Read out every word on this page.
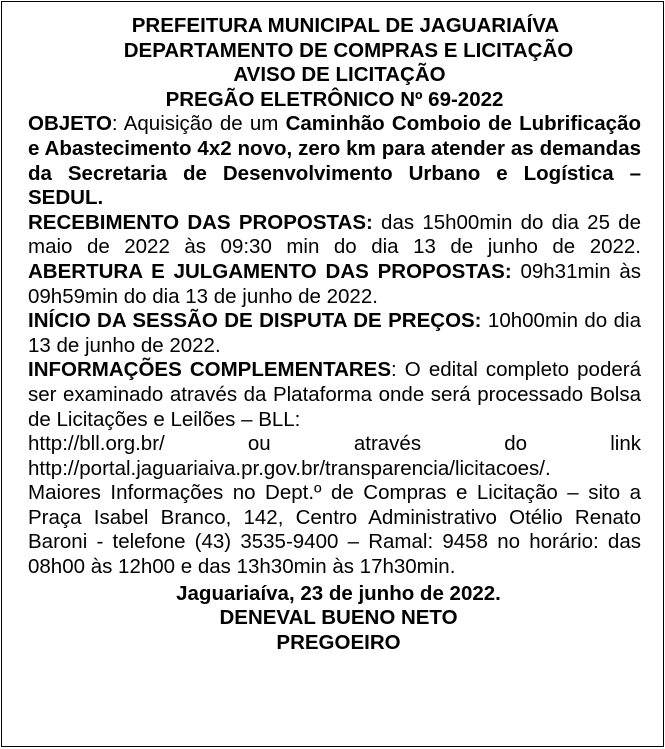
PREFEITURA MUNICIPAL DE JAGUARIAÍVA

DEPARTAMENTO DE COMPRAS E LICITAÇÃO

AVISO DE LICITAÇÃO

PREGÃO ELETRÔNICO Nº 69-2022

OBJETO: Aquisição de um Caminhão Comboio de Lubrificação e Abastecimento 4x2 novo, zero km para atender as demandas da Secretaria de Desenvolvimento Urbano e Logística – SEDUL.

RECEBIMENTO DAS PROPOSTAS: das 15h00min do dia 25 de maio de 2022 às 09:30 min do dia 13 de junho de 2022. ABERTURA E JULGAMENTO DAS PROPOSTAS: 09h31min às 09h59min do dia 13 de junho de 2022.

INÍCIO DA SESSÃO DE DISPUTA DE PREÇOS: 10h00min do dia 13 de junho de 2022.

INFORMAÇÕES COMPLEMENTARES: O edital completo poderá ser examinado através da Plataforma onde será processado Bolsa de Licitações e Leilões – BLL:

http://bll.org.br/	ou	através	do	link

http://portal.jaguariaiva.pr.gov.br/transparencia/licitacoes/.

Maiores Informações no Dept.º de Compras e Licitação – sito a Praça Isabel Branco, 142, Centro Administrativo Otélio Renato Baroni - telefone (43) 3535-9400 – Ramal: 9458 no horário: das 08h00 às 12h00 e das 13h30min às 17h30min.

Jaguariaíva, 23 de junho de 2022.

DENEVAL BUENO NETO

PREGOEIRO
